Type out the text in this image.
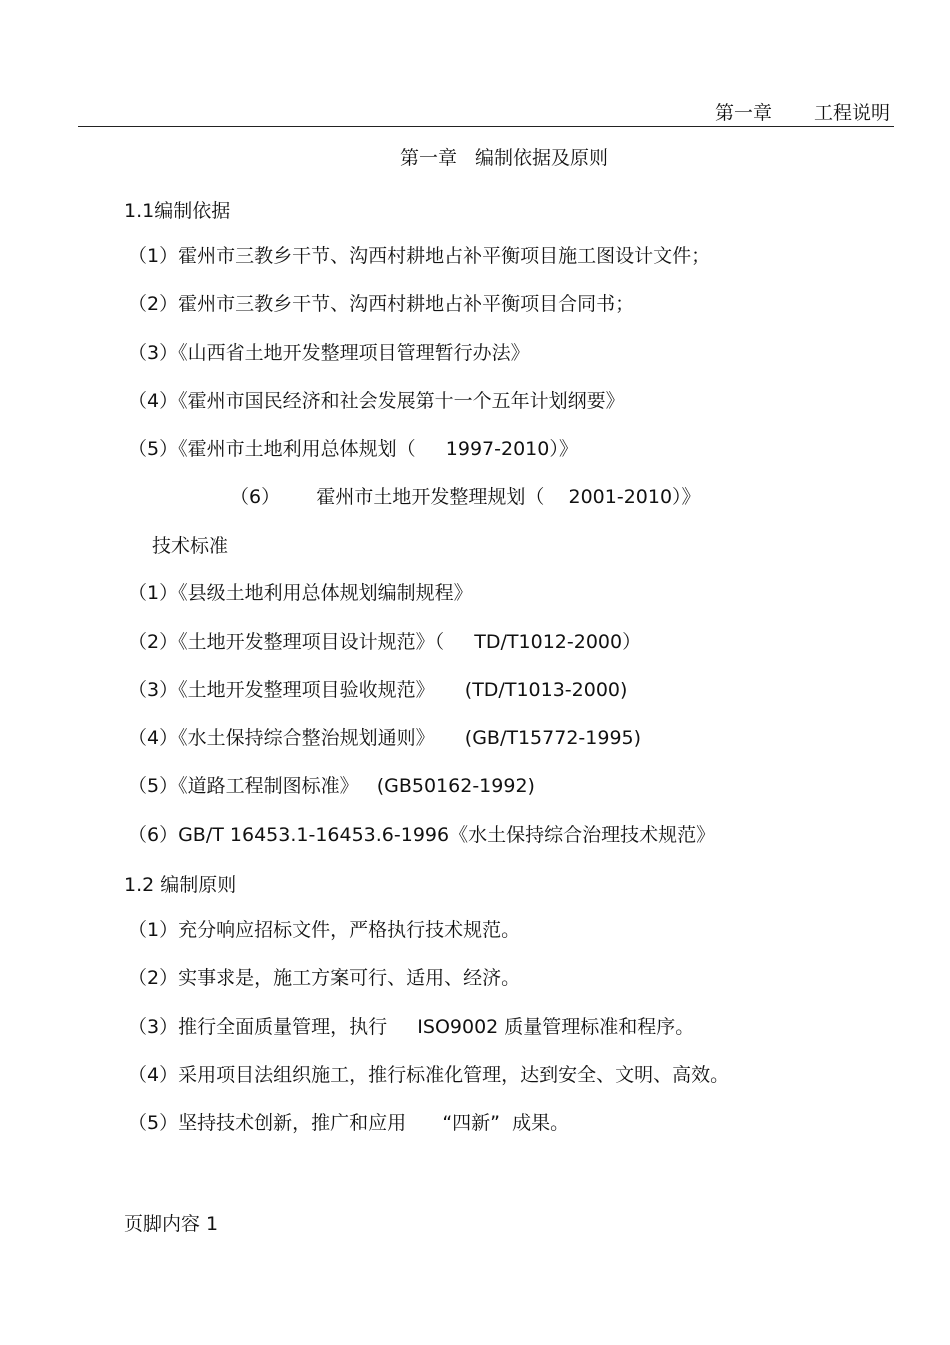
第一章 工程说明
第一章   编制依据及原则
1.1编制依据
（1）霍州市三教乡干节、沟西村耕地占补平衡项目施工图设计文件；
（2）霍州市三教乡干节、沟西村耕地占补平衡项目合同书；
（3）《山西省土地开发整理项目管理暂行办法》
（4）《霍州市国民经济和社会发展第十一个五年计划纲要》
（5）《霍州市土地利用总体规划（     1997-2010）》
（6）      霍州市土地开发整理规划（    2001-2010）》
技术标准
（1）《县级土地利用总体规划编制规程》
（2）《土地开发整理项目设计规范》（     TD/T1012-2000）
（3）《土地开发整理项目验收规范》     (TD/T1013-2000)
（4）《水土保持综合整治规划通则》     (GB/T15772-1995)
（5）《道路工程制图标准》   (GB50162-1992)
（6）GB/T 16453.1-16453.6-1996《水土保持综合治理技术规范》
1.2 编制原则
（1）充分响应招标文件，严格执行技术规范。
（2）实事求是，施工方案可行、适用、经济。
（3）推行全面质量管理，执行     ISO9002 质量管理标准和程序。
（4）采用项目法组织施工，推行标准化管理，达到安全、文明、高效。
（5）坚持技术创新，推广和应用      “四新”  成果。
页脚内容 1
